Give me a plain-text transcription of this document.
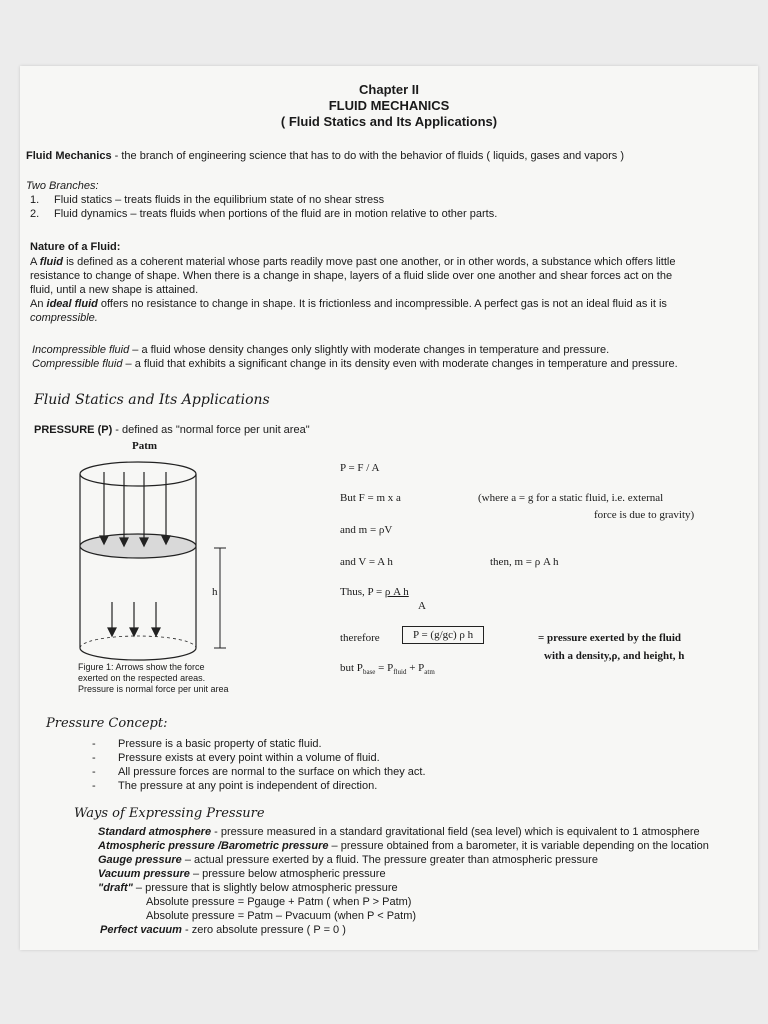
Chapter II
FLUID MECHANICS
( Fluid Statics and Its Applications)
Fluid Mechanics - the branch of engineering science that has to do with the behavior of fluids ( liquids, gases and vapors )
Two Branches:
1. Fluid statics – treats fluids in the equilibrium state of no shear stress
2. Fluid dynamics – treats fluids when portions of the fluid are in motion relative to other parts.
Nature of a Fluid:
A fluid is defined as a coherent material whose parts readily move past one another, or in other words, a substance which offers little
resistance to change of shape. When there is a change in shape, layers of a fluid slide over one another and shear forces act on the
fluid, until a new shape is attained.
An ideal fluid offers no resistance to change in shape. It is frictionless and incompressible. A perfect gas is not an ideal fluid as it is
compressible.
Incompressible fluid – a fluid whose density changes only slightly with moderate changes in temperature and pressure.
Compressible fluid – a fluid that exhibits a significant change in its density even with moderate changes in temperature and pressure.
Fluid Statics and Its Applications
PRESSURE (P) - defined as "normal force per unit area"
Patm
h
Figure 1: Arrows show the force
exerted on the respected areas.
Pressure is normal force per unit area
P = F / A
But F = m x a	(where a = g for a static fluid, i.e. external
force is due to gravity)
and m = ρV
and V = A h	then, m = ρ A h
Thus, P = ρ A h
A
therefore	P = (g/gc) ρ h	= pressure exerted by the fluid
with a density,ρ, and height, h
but $P_{base} = P_{fluid} + P_{atm}$
Pressure Concept:
- Pressure is a basic property of static fluid.
- Pressure exists at every point within a volume of fluid.
- All pressure forces are normal to the surface on which they act.
- The pressure at any point is independent of direction.
Ways of Expressing Pressure
Standard atmosphere - pressure measured in a standard gravitational field (sea level) which is equivalent to 1 atmosphere
Atmospheric pressure /Barometric pressure – pressure obtained from a barometer, it is variable depending on the location
Gauge pressure – actual pressure exerted by a fluid. The pressure greater than atmospheric pressure
Vacuum pressure – pressure below atmospheric pressure
"draft" – pressure that is slightly below atmospheric pressure
Absolute pressure = Pgauge + Patm ( when P > Patm)
Absolute pressure = Patm – Pvacuum (when P < Patm)
Perfect vacuum - zero absolute pressure ( P = 0 )
